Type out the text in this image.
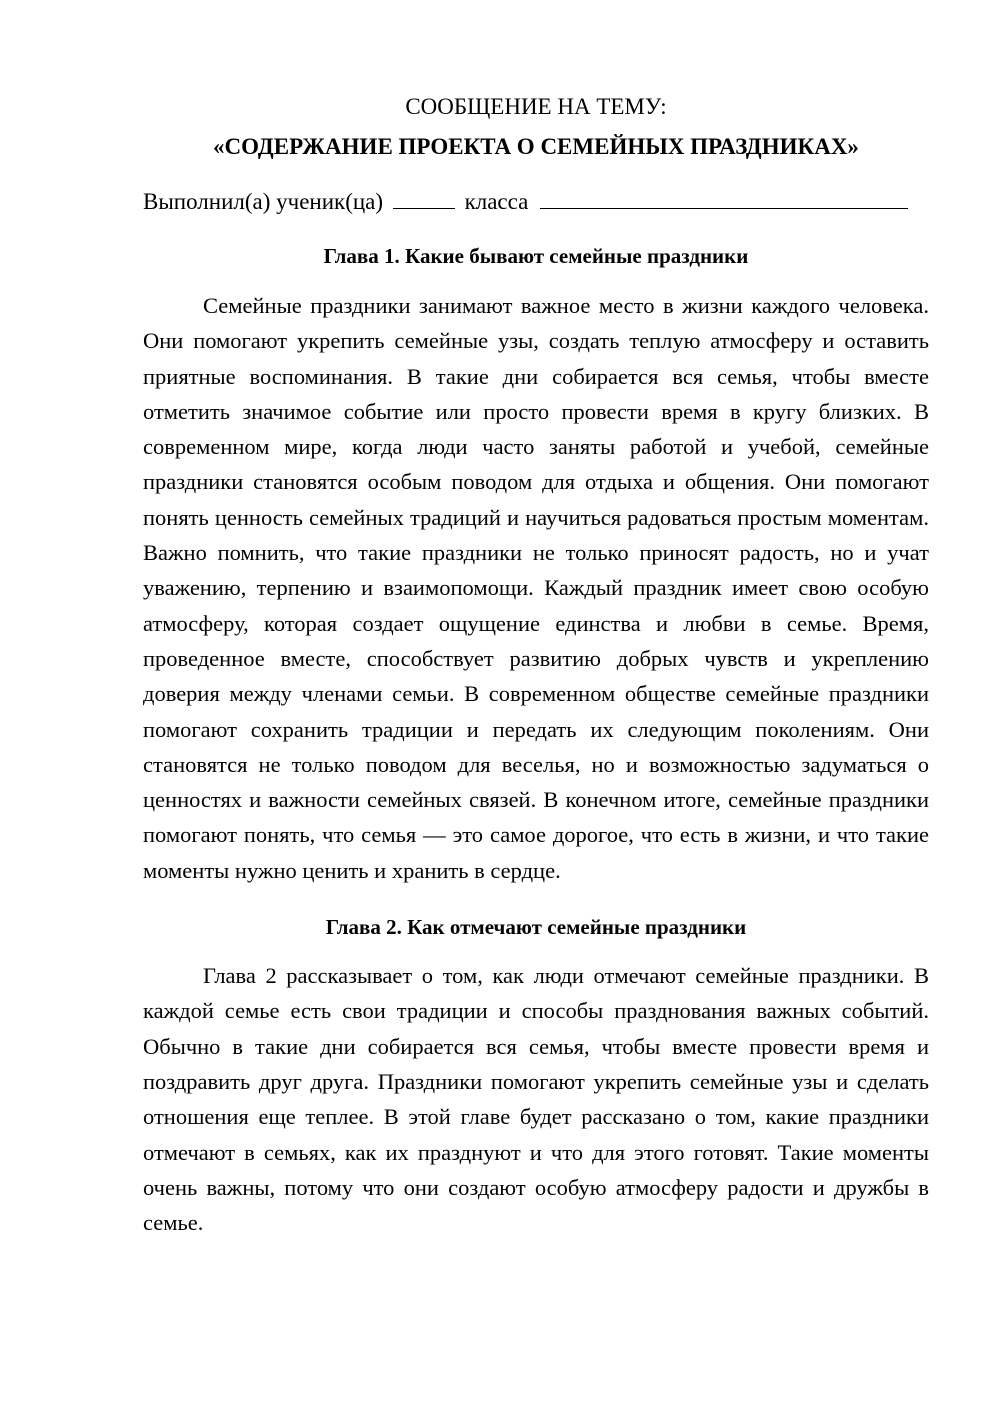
СООБЩЕНИЕ НА ТЕМУ:
«СОДЕРЖАНИЕ ПРОЕКТА О СЕМЕЙНЫХ ПРАЗДНИКАХ»
Выполнил(а) ученик(ца)	класса
Глава 1. Какие бывают семейные праздники

Семейные праздники занимают важное место в жизни каждого человека. Они помогают укрепить семейные узы, создать теплую атмосферу и оставить приятные воспоминания. В такие дни собирается вся семья, чтобы вместе отметить значимое событие или просто провести время в кругу близких. В современном мире, когда люди часто заняты работой и учебой, семейные праздники становятся особым поводом для отдыха и общения. Они помогают понять ценность семейных традиций и научиться радоваться простым моментам. Важно помнить, что такие праздники не только приносят радость, но и учат уважению, терпению и взаимопомощи. Каждый праздник имеет свою особую атмосферу, которая создает ощущение единства и любви в семье. Время, проведенное вместе, способствует развитию добрых чувств и укреплению доверия между членами семьи. В современном обществе семейные праздники помогают сохранить традиции и передать их следующим поколениям. Они становятся не только поводом для веселья, но и возможностью задуматься о ценностях и важности семейных связей. В конечном итоге, семейные праздники помогают понять, что семья — это самое дорогое, что есть в жизни, и что такие моменты нужно ценить и хранить в сердце.

Глава 2. Как отмечают семейные праздники

Глава 2 рассказывает о том, как люди отмечают семейные праздники. В каждой семье есть свои традиции и способы празднования важных событий. Обычно в такие дни собирается вся семья, чтобы вместе провести время и поздравить друг друга. Праздники помогают укрепить семейные узы и сделать отношения еще теплее. В этой главе будет рассказано о том, какие праздники отмечают в семьях, как их празднуют и что для этого готовят. Такие моменты очень важны, потому что они создают особую атмосферу радости и дружбы в семье.
